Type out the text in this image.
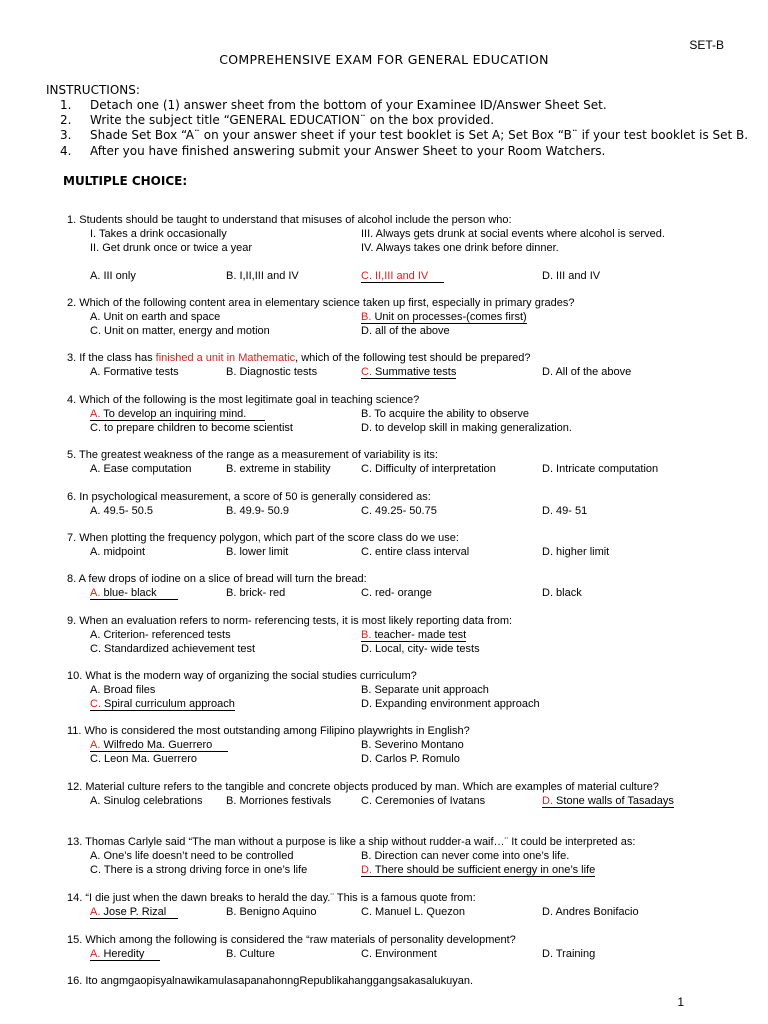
SET-B
COMPREHENSIVE EXAM FOR GENERAL EDUCATION
INSTRUCTIONS:
1. Detach one (1) answer sheet from the bottom of your Examinee ID/Answer Sheet Set.
2. Write the subject title “GENERAL EDUCATION¨ on the box provided.
3. Shade Set Box “A¨ on your answer sheet if your test booklet is Set A; Set Box “B¨ if your test booklet is Set B.
4. After you have finished answering submit your Answer Sheet to your Room Watchers.
MULTIPLE CHOICE:
1. Students should be taught to understand that misuses of alcohol include the person who:
I. Takes a drink occasionally	III. Always gets drunk at social events where alcohol is served.
II. Get drunk once or twice a year	IV. Always takes one drink before dinner.
A. III only	B. I,II,III and IV	C. II,III and IV	D. III and IV
2. Which of the following content area in elementary science taken up first, especially in primary grades?
A. Unit on earth and space	B. Unit on processes-(comes first)
C. Unit on matter, energy and motion	D. all of the above
3. If the class has finished a unit in Mathematic, which of the following test should be prepared?
A. Formative tests	B. Diagnostic tests	C. Summative tests	D. All of the above
4. Which of the following is the most legitimate goal in teaching science?
A. To develop an inquiring mind.	B. To acquire the ability to observe
C. to prepare children to become scientist	D. to develop skill in making generalization.
5. The greatest weakness of the range as a measurement of variability is its:
A. Ease computation	B. extreme in stability	C. Difficulty of interpretation	D. Intricate computation
6. In psychological measurement, a score of 50 is generally considered as:
A. 49.5- 50.5	B. 49.9- 50.9	C. 49.25- 50.75	D. 49- 51
7. When plotting the frequency polygon, which part of the score class do we use:
A. midpoint	B. lower limit	C. entire class interval	D. higher limit
8. A few drops of iodine on a slice of bread will turn the bread:
A. blue- black	B. brick- red	C. red- orange	D. black
9. When an evaluation refers to norm- referencing tests, it is most likely reporting data from:
A. Criterion- referenced tests	B. teacher- made test
C. Standardized achievement test	D. Local, city- wide tests
10. What is the modern way of organizing the social studies curriculum?
A. Broad files	B. Separate unit approach
C. Spiral curriculum approach	D. Expanding environment approach
11. Who is considered the most outstanding among Filipino playwrights in English?
A. Wilfredo Ma. Guerrero	B. Severino Montano
C. Leon Ma. Guerrero	D. Carlos P. Romulo
12. Material culture refers to the tangible and concrete objects produced by man. Which are examples of material culture?
A. Sinulog celebrations B. Morriones festivals	C. Ceremonies of Ivatans	D. Stone walls of Tasadays
13. Thomas Carlyle said “The man without a purpose is like a ship without rudder-a waif…¨ It could be interpreted as:
A. One’s life doesn’t need to be controlled	B. Direction can never come into one’s life.
C. There is a strong driving force in one’s life	D. There should be sufficient energy in one’s life
14. “I die just when the dawn breaks to herald the day.¨ This is a famous quote from:
A. Jose P. Rizal	B. Benigno Aquino	C. Manuel L. Quezon	D. Andres Bonifacio
15. Which among the following is considered the “raw materials of personality development?
A. Heredity	B. Culture	C. Environment	D. Training
16. Ito angmgaopisyalnawikamulasapanahonngRepublikahanggangsakasalukuyan.
1
